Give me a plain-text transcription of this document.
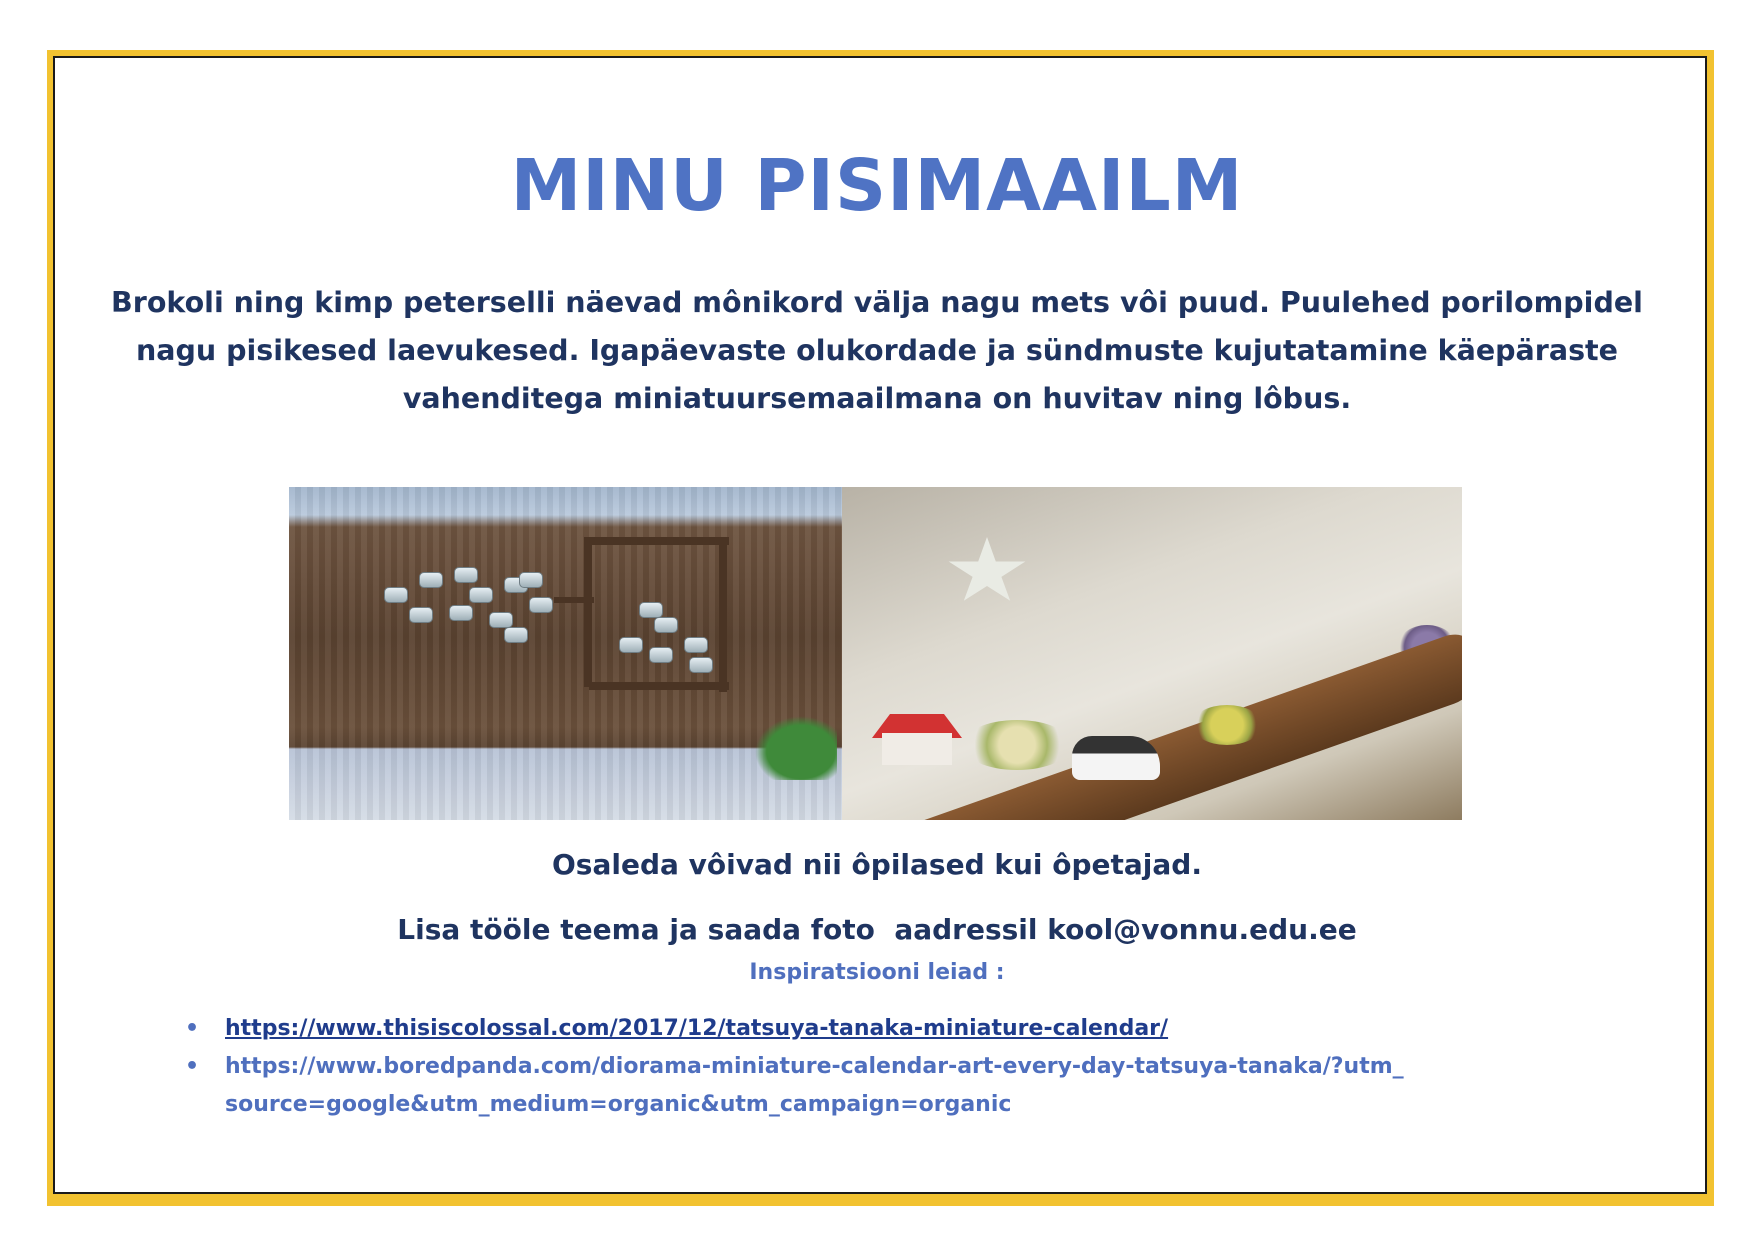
MINU PISIMAAILM

Brokoli ning kimp peterselli näevad mônikord välja nagu mets vôi puud. Puulehed porilompidel nagu pisikesed laevukesed. Igapäevaste olukordade ja sündmuste kujutatamine käepäraste vahenditega miniatuursemaailmana on huvitav ning lôbus.

Osaleda vôivad nii ôpilased kui ôpetajad.

Lisa tööle teema ja saada foto  aadressil kool@vonnu.edu.ee

Inspiratsiooni leiad :

• https://www.thisiscolossal.com/2017/12/tatsuya-tanaka-miniature-calendar/
• https://www.boredpanda.com/diorama-miniature-calendar-art-every-day-tatsuya-tanaka/?utm_source=google&utm_medium=organic&utm_campaign=organic
